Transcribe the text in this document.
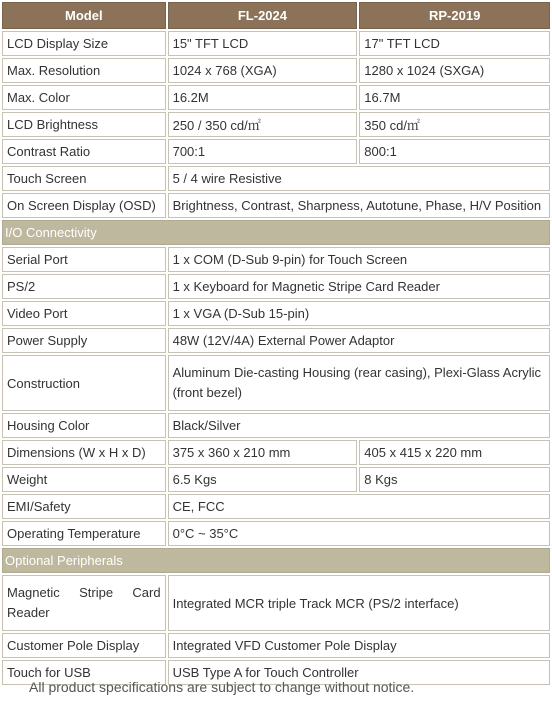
Model	FL-2024	RP-2019
LCD Display Size	15" TFT LCD	17" TFT LCD
Max. Resolution	1024 x 768 (XGA)	1280 x 1024 (SXGA)
Max. Color	16.2M	16.7M
LCD Brightness	250 / 350 cd/㎡	350 cd/㎡
Contrast Ratio	700:1	800:1
Touch Screen	5 / 4 wire Resistive	
On Screen Display (OSD)	Brightness, Contrast, Sharpness, Autotune, Phase, H/V Position	
I/O Connectivity		
Serial Port	1 x COM (D-Sub 9-pin) for Touch Screen	
PS/2	1 x Keyboard for Magnetic Stripe Card Reader	
Video Port	1 x VGA (D-Sub 15-pin)	
Power Supply	48W (12V/4A) External Power Adaptor	
Construction	Aluminum Die-casting Housing (rear casing), Plexi-Glass Acrylic (front bezel)	
Housing Color	Black/Silver	
Dimensions (W x H x D)	375 x 360 x 210 mm	405 x 415 x 220 mm
Weight	6.5 Kgs	8 Kgs
EMI/Safety	CE, FCC	
Operating Temperature	0°C ~ 35°C	
Optional Peripherals		
Magnetic Stripe Card Reader	Integrated MCR triple Track MCR (PS/2 interface)	
Customer Pole Display	Integrated VFD Customer Pole Display	
Touch for USB	USB Type A for Touch Controller	
All product specifications are subject to change without notice.
